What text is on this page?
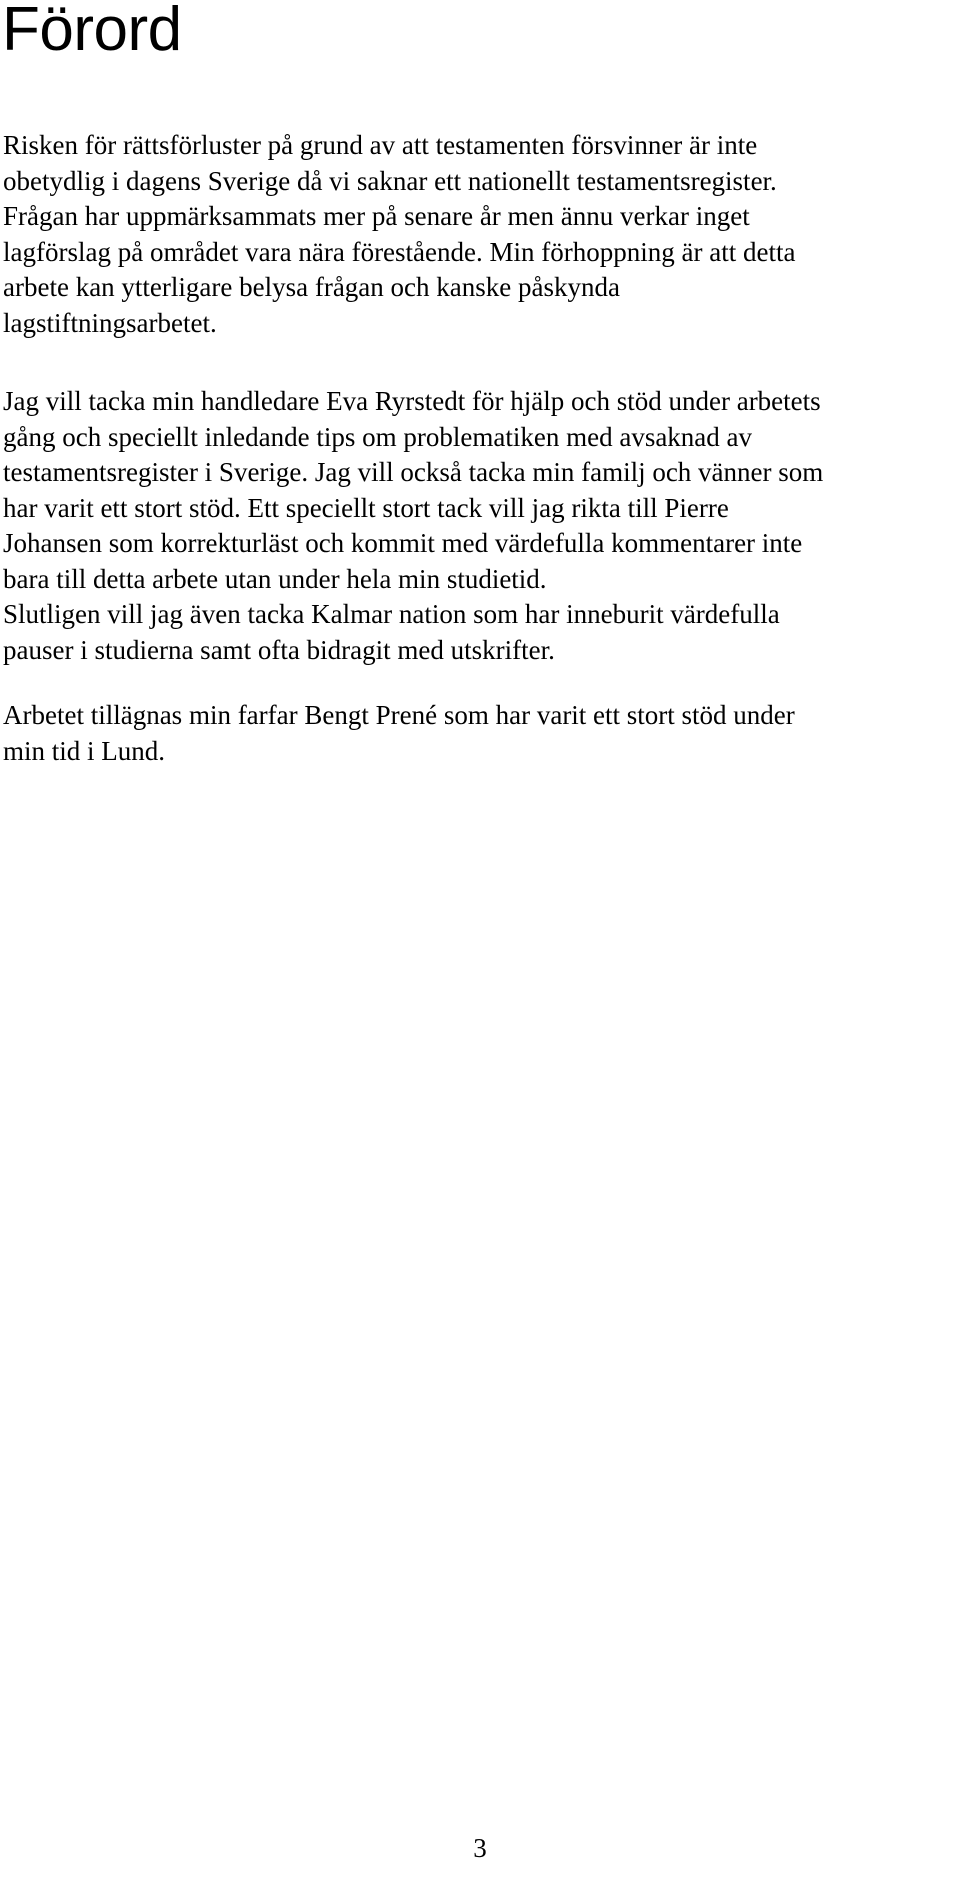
Förord

Risken för rättsförluster på grund av att testamenten försvinner är inte
obetydlig i dagens Sverige då vi saknar ett nationellt testamentsregister.
Frågan har uppmärksammats mer på senare år men ännu verkar inget
lagförslag på området vara nära förestående. Min förhoppning är att detta
arbete kan ytterligare belysa frågan och kanske påskynda
lagstiftningsarbetet.

Jag vill tacka min handledare Eva Ryrstedt för hjälp och stöd under arbetets
gång och speciellt inledande tips om problematiken med avsaknad av
testamentsregister i Sverige. Jag vill också tacka min familj och vänner som
har varit ett stort stöd. Ett speciellt stort tack vill jag rikta till Pierre
Johansen som korrekturläst och kommit med värdefulla kommentarer inte
bara till detta arbete utan under hela min studietid.
Slutligen vill jag även tacka Kalmar nation som har inneburit värdefulla
pauser i studierna samt ofta bidragit med utskrifter.

Arbetet tillägnas min farfar Bengt Prené som har varit ett stort stöd under
min tid i Lund.

3
